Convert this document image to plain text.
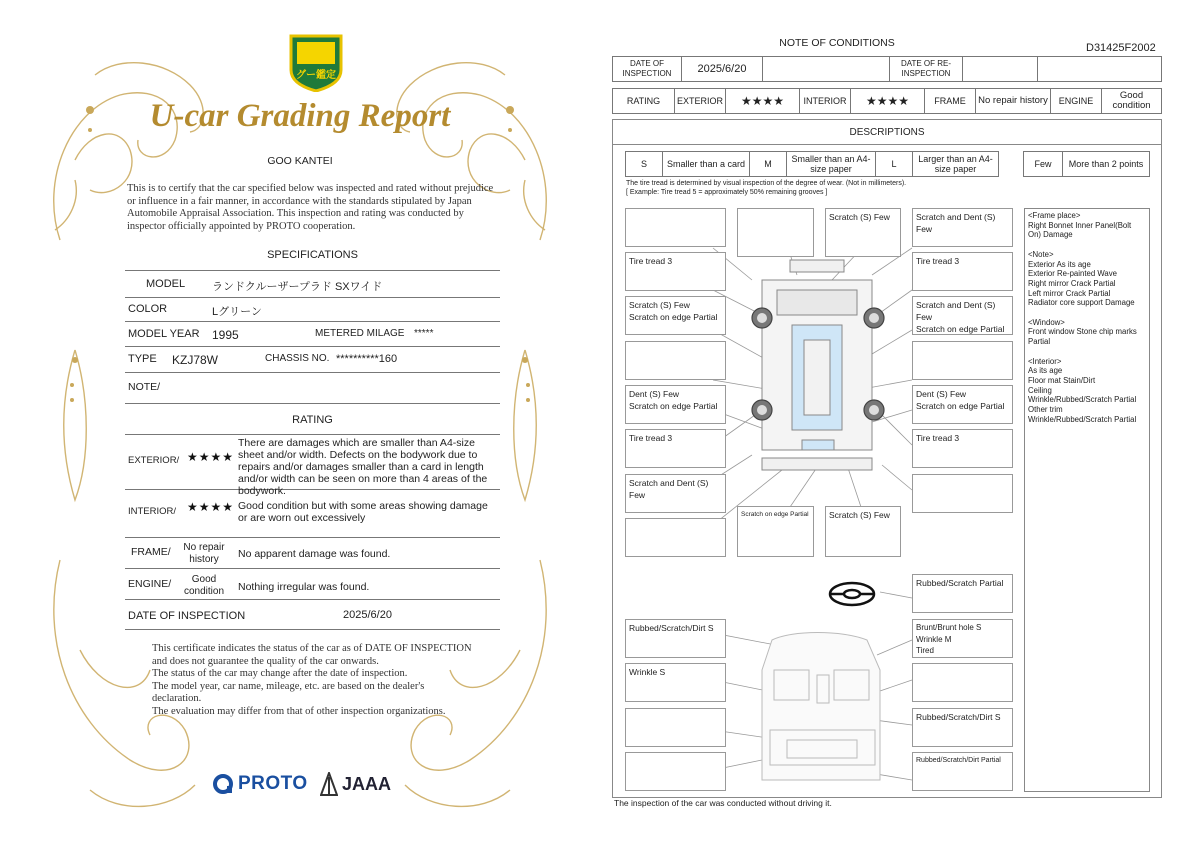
グー鑑定
U-car Grading Report
GOO KANTEI
This is to certify that the car specified below was inspected and rated without prejudice or influence in a fair manner, in accordance with the standards stipulated by Japan Automobile Appraisal Association. This inspection and rating was conducted by inspector officially appointed by PROTO cooperation.
SPECIFICATIONS
MODEL ランドクルーザープラド SXワイド
COLOR	Lグリーン
MODEL YEAR 1995	METERED MILAGE *****
TYPE KZJ78W	CHASSIS NO. **********160
NOTE/
RATING
EXTERIOR/ ★★★★
There are damages which are smaller than A4-size sheet and/or width. Defects on the bodywork due to repairs and/or damages smaller than a card in length and/or width can be seen on more than 4 areas of the bodywork.
INTERIOR/ ★★★★ Good condition but with some areas showing damage or are worn out excessively
FRAME/	No repair history	No apparent damage was found.
ENGINE/	Good condition	Nothing irregular was found.
DATE OF INSPECTION	2025/6/20
This certificate indicates the status of the car as of DATE OF INSPECTION and does not guarantee the quality of the car onwards.
The status of the car may change after the date of inspection.
The model year, car name, mileage, etc. are based on the dealer's declaration.
The evaluation may differ from that of other inspection organizations.
PROTO JAAA
NOTE OF CONDITIONS	D31425F2002
DATE OF INSPECTION	2025/6/20	DATE OF RE-INSPECTION
RATING	EXTERIOR	★★★★	INTERIOR	★★★★	FRAME	No repair history	ENGINE	Good condition
DESCRIPTIONS
S	Smaller than a card	M	Smaller than an A4-size paper	L	Larger than an A4-size paper	Few	More than 2 points
The tire tread is determined by visual inspection of the degree of wear. (Not in millimeters).
[ Example: Tire tread 5 = approximately 50% remaining grooves ]
Scratch (S) Few	Scratch and Dent (S) Few
Tire tread 3	Tire tread 3
Scratch (S) Few
Scratch on edge Partial
Scratch and Dent (S) Few
Scratch on edge Partial
Dent (S) Few
Scratch on edge Partial
Dent (S) Few
Scratch on edge Partial
Tire tread 3	Tire tread 3
Scratch and Dent (S) Few
Scratch on edge Partial	Scratch (S) Few
Rubbed/Scratch Partial
Rubbed/Scratch/Dirt S	Brunt/Brunt hole S
Wrinkle M
Tired
Wrinkle S
Rubbed/Scratch/Dirt S
Rubbed/Scratch/Dirt Partial
<Frame place>
Right Bonnet Inner Panel(Bolt On) Damage
<Note>
Exterior As its age
Exterior Re-painted Wave
Right mirror Crack Partial
Left mirror Crack Partial
Radiator core support Damage
<Window>
Front window Stone chip marks Partial
<Interior>
As its age
Floor mat Stain/Dirt
Ceiling
Wrinkle/Rubbed/Scratch Partial
Other trim
Wrinkle/Rubbed/Scratch Partial
The inspection of the car was conducted without driving it.
